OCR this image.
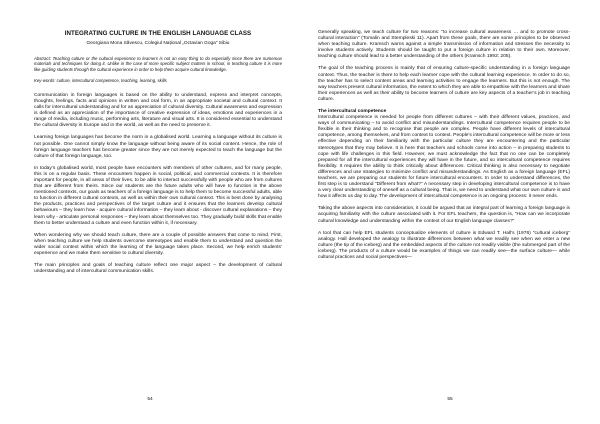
INTEGRATING CULTURE IN THE ENGLISH LANGUAGE CLASS
Georgiana Mona Săvescu, Colegiul Național „Octavian Goga” Sibiu
Abstract: Teaching culture or the cultural experience to learners is not an easy thing to do especially since there are numerous materials and techniques for doing it. Unlike in the case of more specific subject matters in school, in teaching culture it is more like guiding students through the cultural experience in order to help them acquire cultural knowledge.
Key-words: culture, intercultural competence, teaching, learning, skills

Communication in foreign languages is based on the ability to understand, express and interpret concepts, thoughts, feelings, facts and opinions in written and oral form, in an appropriate societal and cultural context. It calls for intercultural understanding and for an appreciation of cultural diversity. Cultural awareness and expression is defined as an appreciation of the importance of creative expression of ideas, emotions and experiences in a range of media, including music, performing arts, literature and visual arts. It is considered essential to understand the cultural diversity in Europe and in the world, as well as the need to preserve it.

Learning foreign languages has become the norm in a globalised world. Learning a language without its culture is not possible. One cannot simply know the language without being aware of its social content. Hence, the role of foreign language teachers has become greater since they are not merely expected to teach the language but the culture of that foreign language, too.

In today’s globalised world, most people have encounters with members of other cultures, and for many people, this is on a regular basis. These encounters happen in social, political, and commercial contexts. It is therefore important for people, in all areas of their lives, to be able to interact successfully with people who are from cultures that are different from theirs. Since our students are the future adults who will have to function in the above mentioned contexts, our goals as teachers of a foreign language is to help them to become successful adults, able to function in different cultural contexts, as well as within their own cultural context. This is best done by analysing the products, practices and perspectives of the target culture and it ensures that the learners develop cultural behaviours – they learn how - acquire cultural information – they learn about - discover cultural explanations – they learn why - articulate personal responses – they learn about themselves too. They gradually build skills that enable them to better understand a culture and even function within it, if necessary.

When wondering why we should teach culture, there are a couple of possible answers that come to mind. First, when teaching culture we help students overcome stereotypes and enable them to understand and question the wider social context within which the learning of the language takes place. Second, we help enrich students’ experience and we make them sensitive to cultural diversity.

The main principles and goals of teaching culture reflect one major aspect – the development of cultural understanding and of intercultural communication skills.

54

Generally speaking, we teach culture for two reasons: “to increase cultural awareness … and to promote cross-cultural interaction” (Tomalin and Stempleski 11). Apart from these goals, there are some principles to be observed when teaching culture. Kramsch warns against a simple transmission of information and stresses the necessity to involve students actively. Students should be taught to put a foreign culture in relation to their own. Moreover, teaching culture should lead to a better understanding of the others (Kramsch 1993: 205).

The goal of the teaching process is mainly that of ensuring culture-specific understanding in a foreign language context. Thus, the teacher is there to help each learner cope with the cultural learning experience. In order to do so, the teacher has to select content areas and learning activities to engage the learners. But this is not enough. The way teachers present cultural information, the extent to which they are able to empathise with the learners and share their experiences as well as their ability to become learners of culture are key aspects of a teacher’s job in teaching culture.

The intercultural competence

Intercultural competence is needed for people from different cultures – with their different values, practices, and ways of communicating – to avoid conflict and misunderstandings. Intercultural competence requires people to be flexible in their thinking and to recognise that people are complex. People have different levels of intercultural competence, among themselves, and from context to context. People’s intercultural competence will be more or less effective depending on their familiarity with the particular culture they are encountering and the particular stereotypes that they may believe. It is here that teachers and schools come into action – in preparing students to cope with life challenges in this field. However, we must acknowledge the fact that no one can be completely prepared for all the intercultural experiences they will have in the future, and so intercultural competence requires flexibility. It requires the ability to think critically about differences. Critical thinking is also necessary to negotiate differences and use strategies to minimize conflict and misunderstandings. As English as a foreign language (EFL) teachers, we are preparing our students for future intercultural encounters. In order to understand differences, the first step is to understand “Different from what?” A necessary step in developing intercultural competence is to have a very clear understanding of oneself as a cultural being. That is, we need to understand what our own culture is and how it affects us day to day. The development of intercultural competence is an ongoing process: it never ends.

Taking the above aspects into consideration, it could be argued that an integral part of learning a foreign language is acquiring familiarity with the culture associated with it. For EFL teachers, the question is, “How can we incorporate cultural knowledge and understanding within the context of our English language classes?”

A tool that can help EFL students conceptualize elements of culture is Edward T. Hall’s (1976) “cultural iceberg” analogy. Hall developed the analogy to illustrate differences between what we readily see when we enter a new culture (the tip of the iceberg) and the embedded aspects of the culture not readily visible (the submerged part of the iceberg). The products of a culture would be examples of things we can readily see—the surface culture— while cultural practices and social perspectives—

55
